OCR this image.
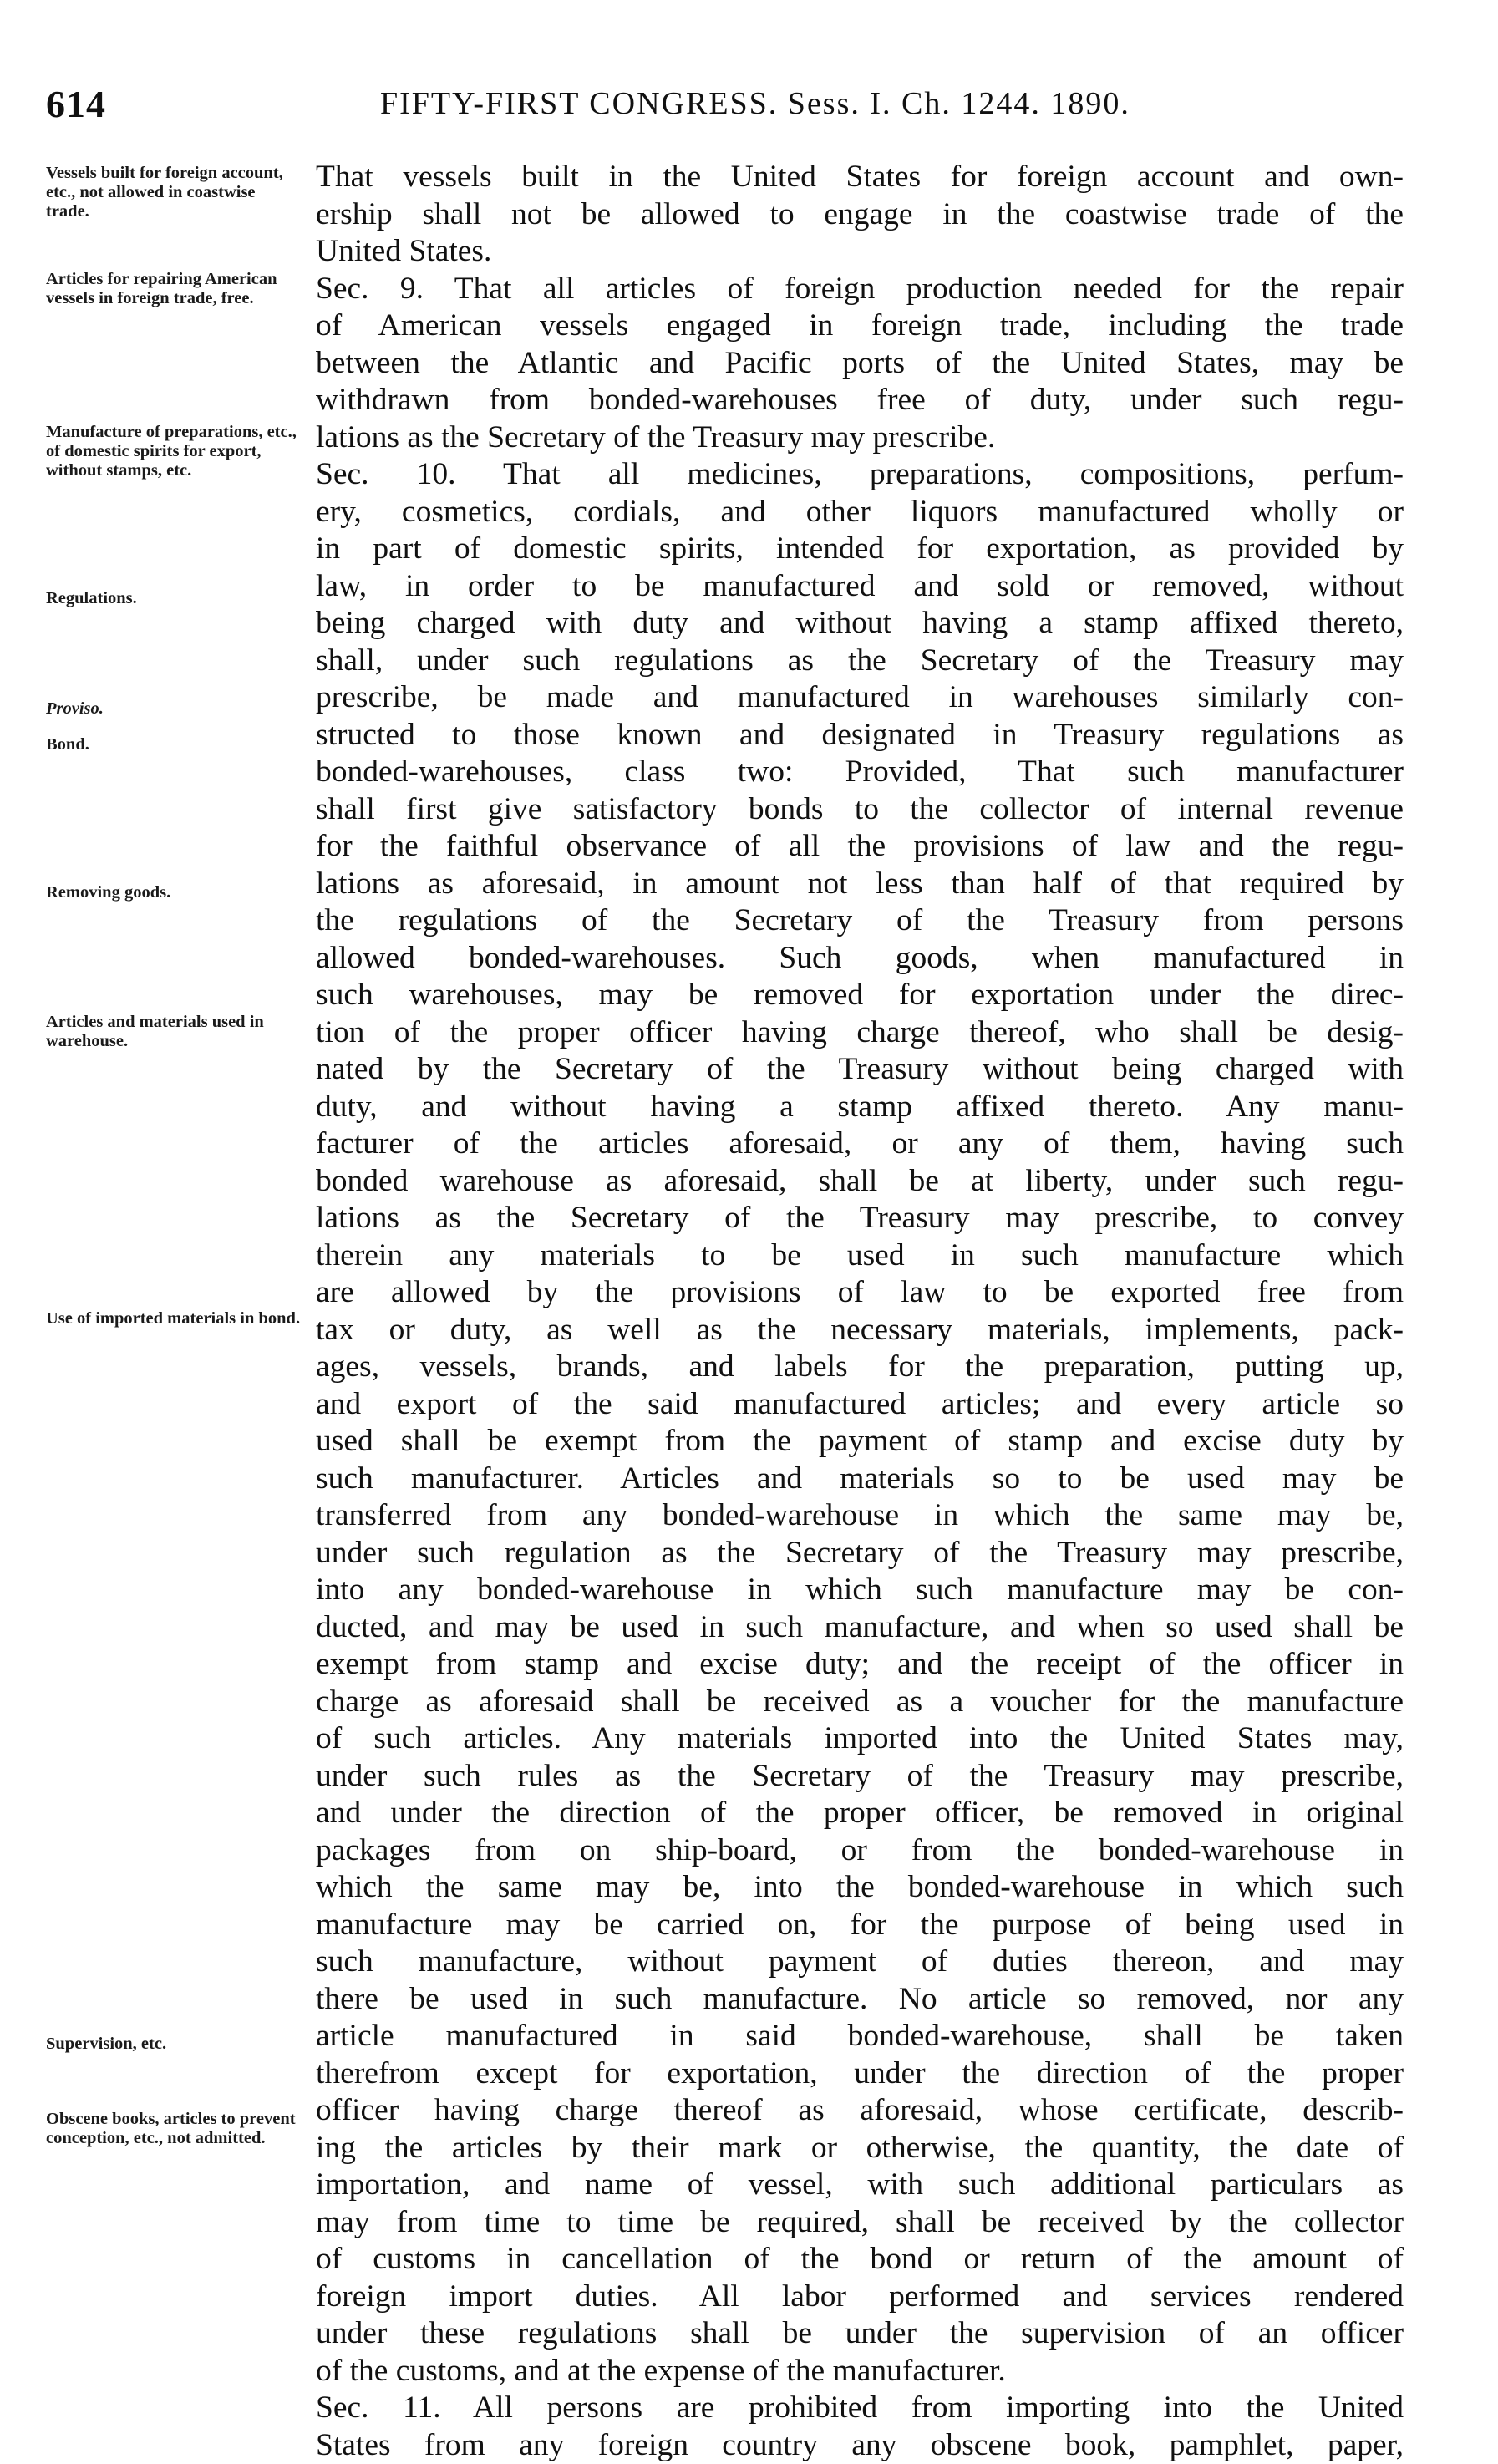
614	FIFTY-FIRST CONGRESS. Sess. I. Ch. 1244. 1890.
Vessels built for foreign account, etc., not allowed in coastwise trade.
Articles for repairing American vessels in foreign trade, free.
Manufacture of preparations, etc., of domestic spirits for export, without stamps, etc.
Regulations.
Proviso.
Bond.
Removing goods.
Articles and materials used in warehouse.
Use of imported materials in bond.
Supervision, etc.
Obscene books, articles to prevent conception, etc., not admitted.
That vessels built in the United States for foreign account and own-
ership shall not be allowed to engage in the coastwise trade of the
United States.
Sec. 9. That all articles of foreign production needed for the repair
of American vessels engaged in foreign trade, including the trade
between the Atlantic and Pacific ports of the United States, may be
withdrawn from bonded-warehouses free of duty, under such regu-
lations as the Secretary of the Treasury may prescribe.
Sec. 10. That all medicines, preparations, compositions, perfum-
ery, cosmetics, cordials, and other liquors manufactured wholly or
in part of domestic spirits, intended for exportation, as provided by
law, in order to be manufactured and sold or removed, without
being charged with duty and without having a stamp affixed thereto,
shall, under such regulations as the Secretary of the Treasury may
prescribe, be made and manufactured in warehouses similarly con-
structed to those known and designated in Treasury regulations as
bonded-warehouses, class two: Provided, That such manufacturer
shall first give satisfactory bonds to the collector of internal revenue
for the faithful observance of all the provisions of law and the regu-
lations as aforesaid, in amount not less than half of that required by
the regulations of the Secretary of the Treasury from persons
allowed bonded-warehouses. Such goods, when manufactured in
such warehouses, may be removed for exportation under the direc-
tion of the proper officer having charge thereof, who shall be desig-
nated by the Secretary of the Treasury without being charged with
duty, and without having a stamp affixed thereto. Any manu-
facturer of the articles aforesaid, or any of them, having such
bonded warehouse as aforesaid, shall be at liberty, under such regu-
lations as the Secretary of the Treasury may prescribe, to convey
therein any materials to be used in such manufacture which
are allowed by the provisions of law to be exported free from
tax or duty, as well as the necessary materials, implements, pack-
ages, vessels, brands, and labels for the preparation, putting up,
and export of the said manufactured articles; and every article so
used shall be exempt from the payment of stamp and excise duty by
such manufacturer. Articles and materials so to be used may be
transferred from any bonded-warehouse in which the same may be,
under such regulation as the Secretary of the Treasury may prescribe,
into any bonded-warehouse in which such manufacture may be con-
ducted, and may be used in such manufacture, and when so used shall be
exempt from stamp and excise duty; and the receipt of the officer in
charge as aforesaid shall be received as a voucher for the manufacture
of such articles. Any materials imported into the United States may,
under such rules as the Secretary of the Treasury may prescribe,
and under the direction of the proper officer, be removed in original
packages from on ship-board, or from the bonded-warehouse in
which the same may be, into the bonded-warehouse in which such
manufacture may be carried on, for the purpose of being used in
such manufacture, without payment of duties thereon, and may
there be used in such manufacture. No article so removed, nor any
article manufactured in said bonded-warehouse, shall be taken
therefrom except for exportation, under the direction of the proper
officer having charge thereof as aforesaid, whose certificate, describ-
ing the articles by their mark or otherwise, the quantity, the date of
importation, and name of vessel, with such additional particulars as
may from time to time be required, shall be received by the collector
of customs in cancellation of the bond or return of the amount of
foreign import duties. All labor performed and services rendered
under these regulations shall be under the supervision of an officer
of the customs, and at the expense of the manufacturer.
Sec. 11. All persons are prohibited from importing into the United
States from any foreign country any obscene book, pamphlet, paper,
